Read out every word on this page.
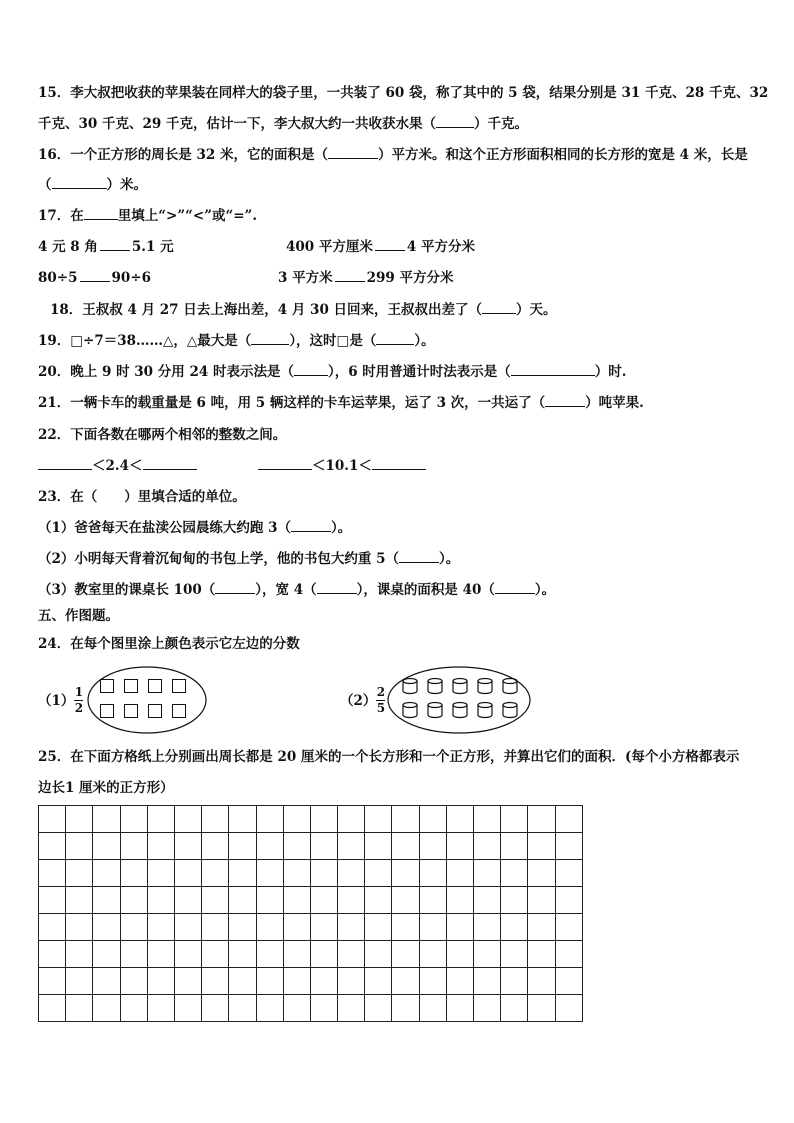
15．李大叔把收获的苹果装在同样大的袋子里，一共装了 60 袋，称了其中的 5 袋，结果分别是 31 千克、28 千克、32
千克、30 千克、29 千克，估计一下，李大叔大约一共收获水果（	）千克。
16．一个正方形的周长是 32 米，它的面积是（	）平方米。和这个正方形面积相同的长方形的宽是 4 米，长是
（	）米。
17．在	里填上“>”“<”或“=”.
4 元 8 角	5.1 元	400 平方厘米	4 平方分米
80÷5	90÷6	3 平方米	299 平方分米
18．王叔叔 4 月 27 日去上海出差，4 月 30 日回来，王叔叔出差了（	）天。
19．□÷7＝38……△，△最大是（	），这时□是（	）。
20．晚上 9 时 30 分用 24 时表示法是（	），6 时用普通计时法表示是（	）时.
21．一辆卡车的载重量是 6 吨，用 5 辆这样的卡车运苹果，运了 3 次，一共运了（	）吨苹果.
22．下面各数在哪两个相邻的整数之间。
＜2.4＜	＜10.1＜
23．在（　　）里填合适的单位。
（1）爸爸每天在盐渎公园晨练大约跑 3（	）。
（2）小明每天背着沉甸甸的书包上学，他的书包大约重 5（	）。
（3）教室里的课桌长 100（	），宽 4（	），课桌的面积是 40（	）。
五、作图题。
24．在每个图里涂上颜色表示它左边的分数
$(1) \frac{1}{2}$	$(2) \frac{2}{5}$
25．在下面方格纸上分别画出周长都是 20 厘米的一个长方形和一个正方形，并算出它们的面积．(每个小方格都表示
边长1 厘米的正方形）
